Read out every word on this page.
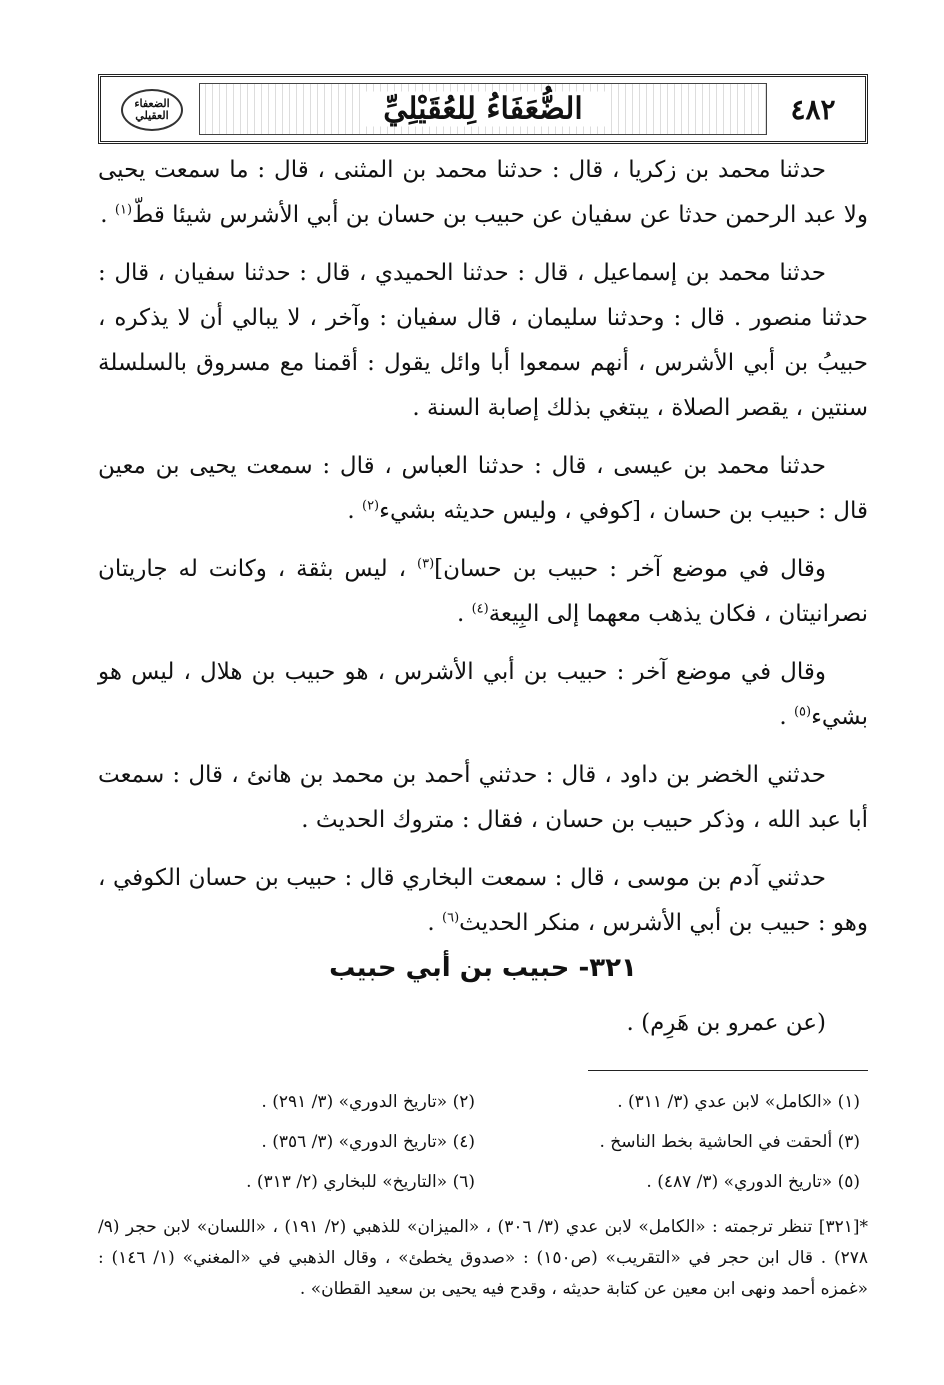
الضعفاء العقيلي	الضُّعَفَاءُ لِلعُقَيْلِيِّ	٤٨٢

حدثنا محمد بن زكريا ، قال : حدثنا محمد بن المثنى ، قال : ما سمعت يحيى ولا عبد الرحمن حدثا عن سفيان عن حبيب بن حسان بن أبي الأشرس شيئا قطّ$^{(١)}$ .

حدثنا محمد بن إسماعيل ، قال : حدثنا الحميدي ، قال : حدثنا سفيان ، قال : حدثنا منصور . قال : وحدثنا سليمان ، قال سفيان : وآخر ، لا يبالي أن لا يذكره ، حبيبُ بن أبي الأشرس ، أنهم سمعوا أبا وائل يقول : أقمنا مع مسروق بالسلسلة سنتين ، يقصر الصلاة ، يبتغي بذلك إصابة السنة .

حدثنا محمد بن عيسى ، قال : حدثنا العباس ، قال : سمعت يحيى بن معين قال : حبيب بن حسان ، [كوفي ، وليس حديثه بشيء$^{(٢)}$ .

وقال في موضع آخر : حبيب بن حسان]$^{(٣)}$ ، ليس بثقة ، وكانت له جاريتان نصرانيتان ، فكان يذهب معهما إلى البِيعة$^{(٤)}$ .

وقال في موضع آخر : حبيب بن أبي الأشرس ، هو حبيب بن هلال ، ليس هو بشيء$^{(٥)}$ .

حدثني الخضر بن داود ، قال : حدثني أحمد بن محمد بن هانئ ، قال : سمعت أبا عبد الله ، وذكر حبيب بن حسان ، فقال : متروك الحديث .

حدثني آدم بن موسى ، قال : سمعت البخاري قال : حبيب بن حسان الكوفي ، وهو : حبيب بن أبي الأشرس ، منكر الحديث$^{(٦)}$ .

٣٢١- حبيب بن أبي حبيب
(عن عمرو بن هَرِم) .
(١) «الكامل» لابن عدي (٣/ ٣١١) .
(٢) «تاريخ الدوري» (٣/ ٢٩١) .
(٣) ألحقت في الحاشية بخط الناسخ .
(٤) «تاريخ الدوري» (٣/ ٣٥٦) .
(٥) «تاريخ الدوري» (٣/ ٤٨٧) .
(٦) «التاريخ» للبخاري (٢/ ٣١٣) .
*[٣٢١] تنظر ترجمته : «الكامل» لابن عدي (٣/ ٣٠٦) ، «الميزان» للذهبي (٢/ ١٩١) ، «اللسان» لابن حجر (٩/ ٢٧٨) . قال ابن حجر في «التقريب» (ص١٥٠) : «صدوق يخطئ» ، وقال الذهبي في «المغني» (١/ ١٤٦) : «غمزه أحمد ونهى ابن معين عن كتابة حديثه ، وقدح فيه يحيى بن سعيد القطان» .
